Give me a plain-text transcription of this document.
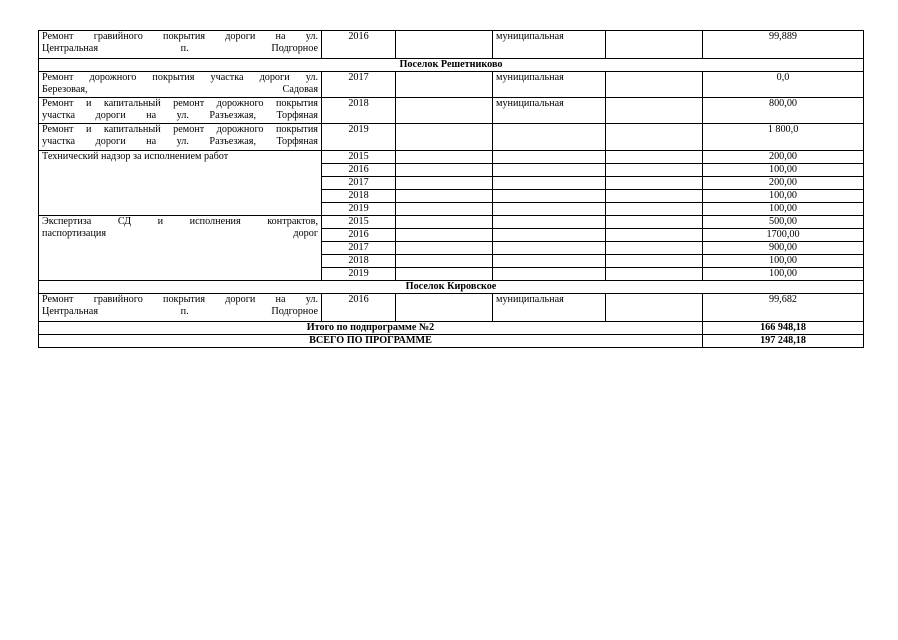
Ремонт гравийного покрытия дороги на ул.
Центральная п. Подгорное	2016		муниципальная		99,889
Поселок Решетниково					

Ремонт дорожного покрытия участка дороги ул.
Березовая, Садовая	2017		муниципальная		0,0

Ремонт и капитальный ремонт дорожного покрытия
участка дороги на ул. Разъезжая, Торфяная	2018		муниципальная		800,00

Ремонт и капитальный ремонт дорожного покрытия
участка дороги на ул. Разъезжая, Торфяная	2019				1 800,0
Технический надзор за исполнением работ	2015				200,00
	2016				100,00
	2017				200,00
	2018				100,00
	2019				100,00

Экспертиза СД и исполнения контрактов,
паспортизация дорог	2015				500,00
	2016				1700,00
	2017				900,00
	2018				100,00
	2019				100,00
Поселок Кировское					

Ремонт гравийного покрытия дороги на ул.
Центральная п. Подгорное	2016		муниципальная		99,682
Итого по подпрограмме №2					166 948,18
ВСЕГО ПО ПРОГРАММЕ					197 248,18
